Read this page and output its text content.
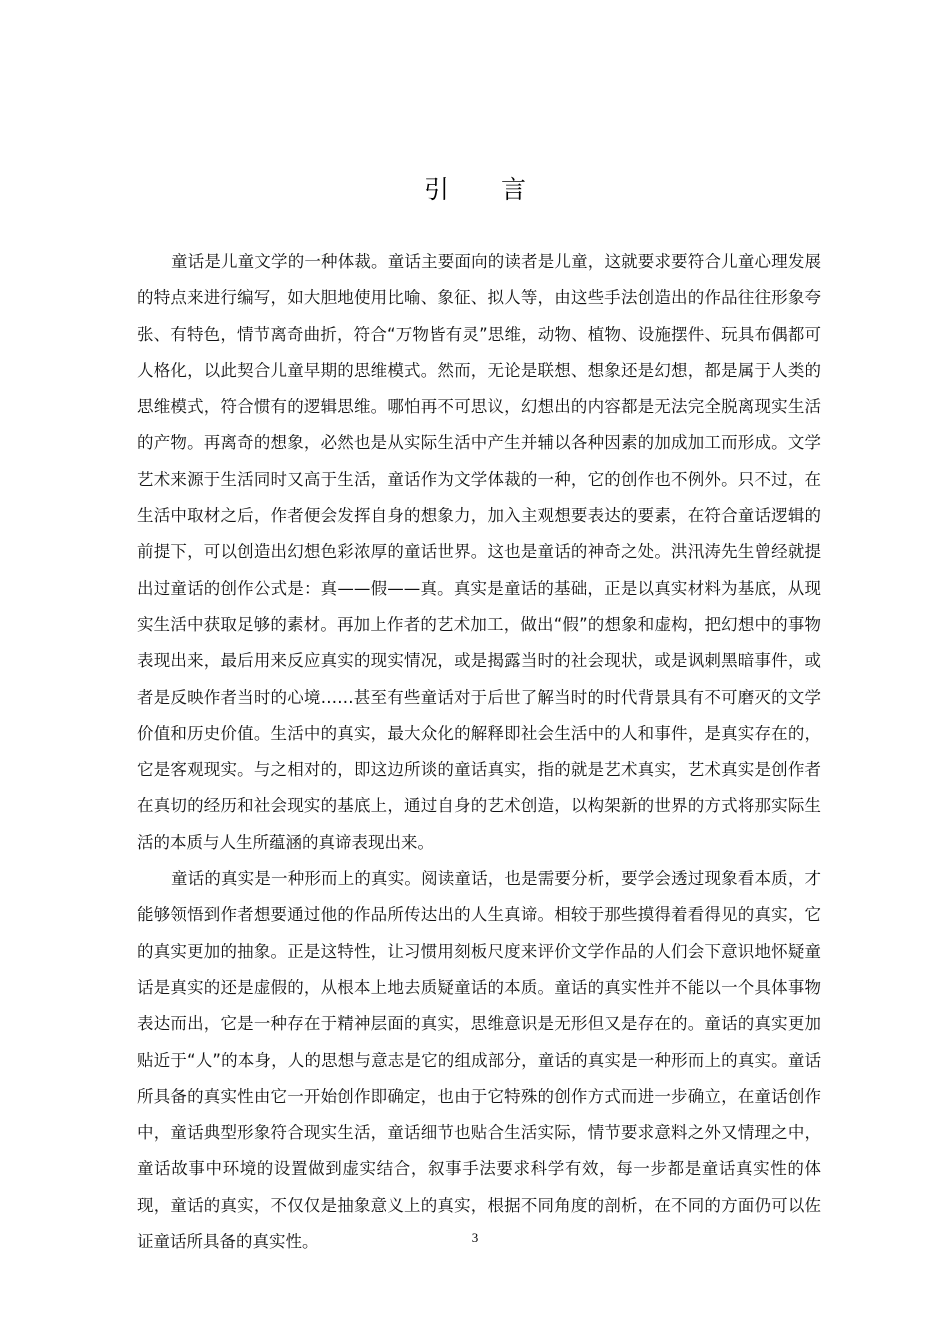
引 言

童话是儿童文学的一种体裁。童话主要面向的读者是儿童，这就要求要符合儿童心理发展的特点来进行编写，如大胆地使用比喻、象征、拟人等，由这些手法创造出的作品往往形象夸张、有特色，情节离奇曲折，符合“万物皆有灵”思维，动物、植物、设施摆件、玩具布偶都可人格化，以此契合儿童早期的思维模式。然而，无论是联想、想象还是幻想，都是属于人类的思维模式，符合惯有的逻辑思维。哪怕再不可思议，幻想出的内容都是无法完全脱离现实生活的产物。再离奇的想象，必然也是从实际生活中产生并辅以各种因素的加成加工而形成。文学艺术来源于生活同时又高于生活，童话作为文学体裁的一种，它的创作也不例外。只不过，在生活中取材之后，作者便会发挥自身的想象力，加入主观想要表达的要素，在符合童话逻辑的前提下，可以创造出幻想色彩浓厚的童话世界。这也是童话的神奇之处。洪汛涛先生曾经就提出过童话的创作公式是：真——假——真。真实是童话的基础，正是以真实材料为基底，从现实生活中获取足够的素材。再加上作者的艺术加工，做出“假”的想象和虚构，把幻想中的事物表现出来，最后用来反应真实的现实情况，或是揭露当时的社会现状，或是讽刺黑暗事件，或者是反映作者当时的心境……甚至有些童话对于后世了解当时的时代背景具有不可磨灭的文学价值和历史价值。生活中的真实，最大众化的解释即社会生活中的人和事件，是真实存在的，它是客观现实。与之相对的，即这边所谈的童话真实，指的就是艺术真实，艺术真实是创作者在真切的经历和社会现实的基底上，通过自身的艺术创造，以构架新的世界的方式将那实际生活的本质与人生所蕴涵的真谛表现出来。

童话的真实是一种形而上的真实。阅读童话，也是需要分析，要学会透过现象看本质，才能够领悟到作者想要通过他的作品所传达出的人生真谛。相较于那些摸得着看得见的真实，它的真实更加的抽象。正是这特性，让习惯用刻板尺度来评价文学作品的人们会下意识地怀疑童话是真实的还是虚假的，从根本上地去质疑童话的本质。童话的真实性并不能以一个具体事物表达而出，它是一种存在于精神层面的真实，思维意识是无形但又是存在的。童话的真实更加贴近于“人”的本身，人的思想与意志是它的组成部分，童话的真实是一种形而上的真实。童话所具备的真实性由它一开始创作即确定，也由于它特殊的创作方式而进一步确立，在童话创作中，童话典型形象符合现实生活，童话细节也贴合生活实际，情节要求意料之外又情理之中，童话故事中环境的设置做到虚实结合，叙事手法要求科学有效，每一步都是童话真实性的体现，童话的真实，不仅仅是抽象意义上的真实，根据不同角度的剖析，在不同的方面仍可以佐证童话所具备的真实性。	3
